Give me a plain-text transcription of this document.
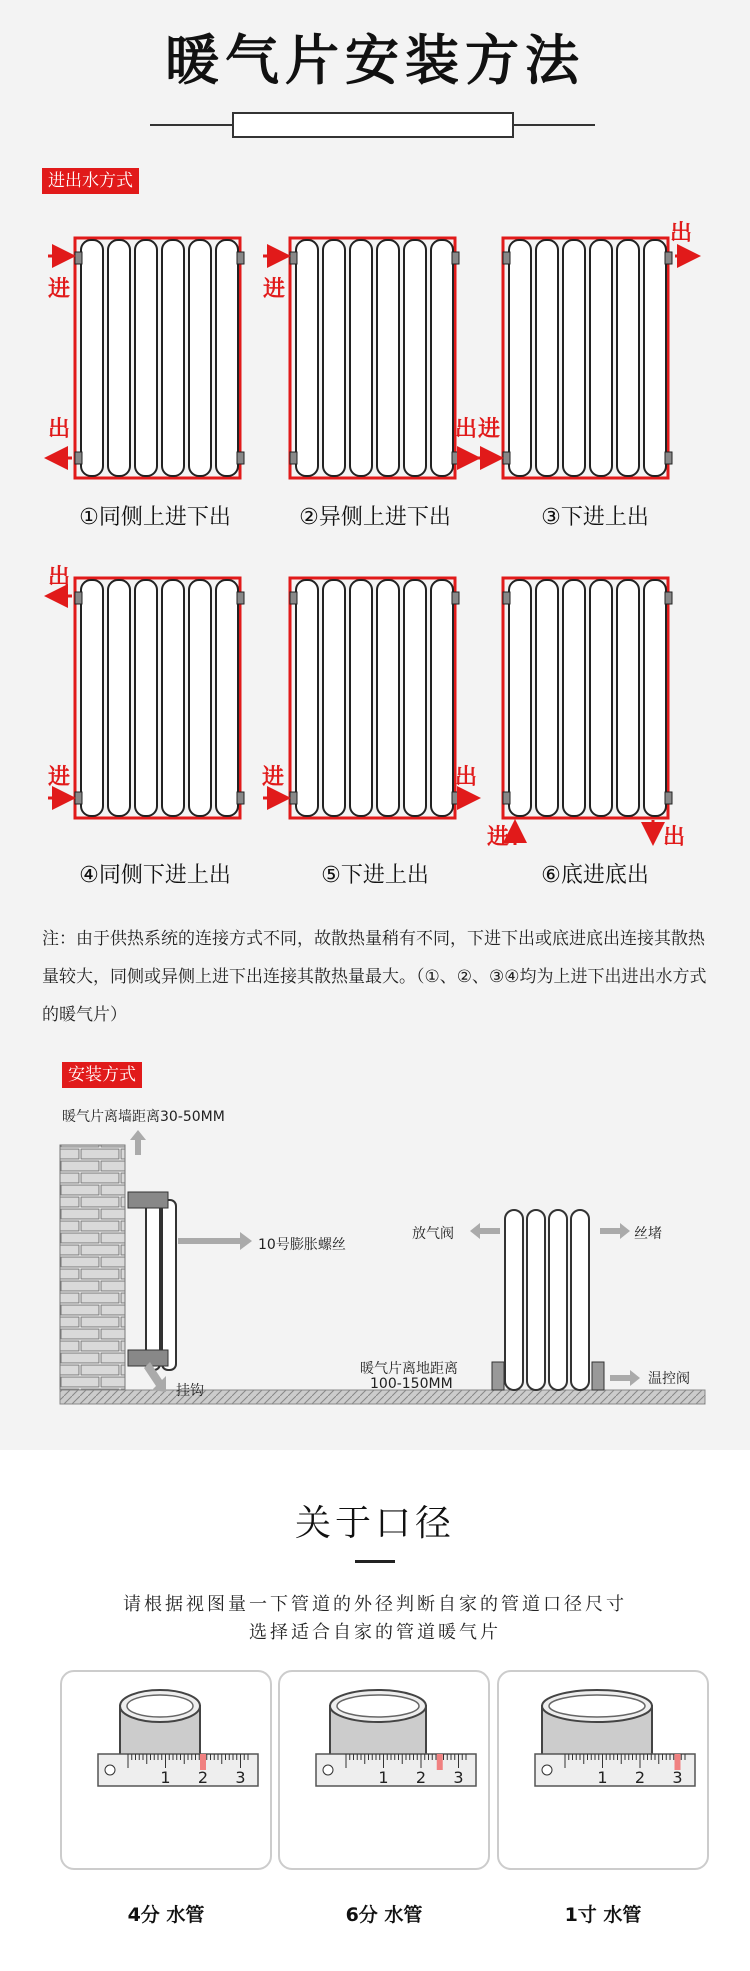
暖气片安装方法
进出水方式
进
出
进
出
出
进
出
进	进	出
进	出
①同侧上进下出	②异侧上进下出	③下进上出
④同侧下进上出	⑤下进上出	⑥底进底出
注：由于供热系统的连接方式不同，故散热量稍有不同，下进下出或底进底出连接其散热量较大，同侧或异侧上进下出连接其散热量最大。（①、②、③④均为上进下出进出水方式的暖气片）
安装方式
暖气片离墙距离30-50MM
10号膨胀螺丝
挂钩
放气阀	丝堵
暖气片离地距离
100-150MM	温控阀
关于口径
请根据视图量一下管道的外径判断自家的管道口径尺寸
选择适合自家的管道暖气片
1 2 3	1 2 3	1 2 3
4分 水管	6分 水管	1寸 水管
